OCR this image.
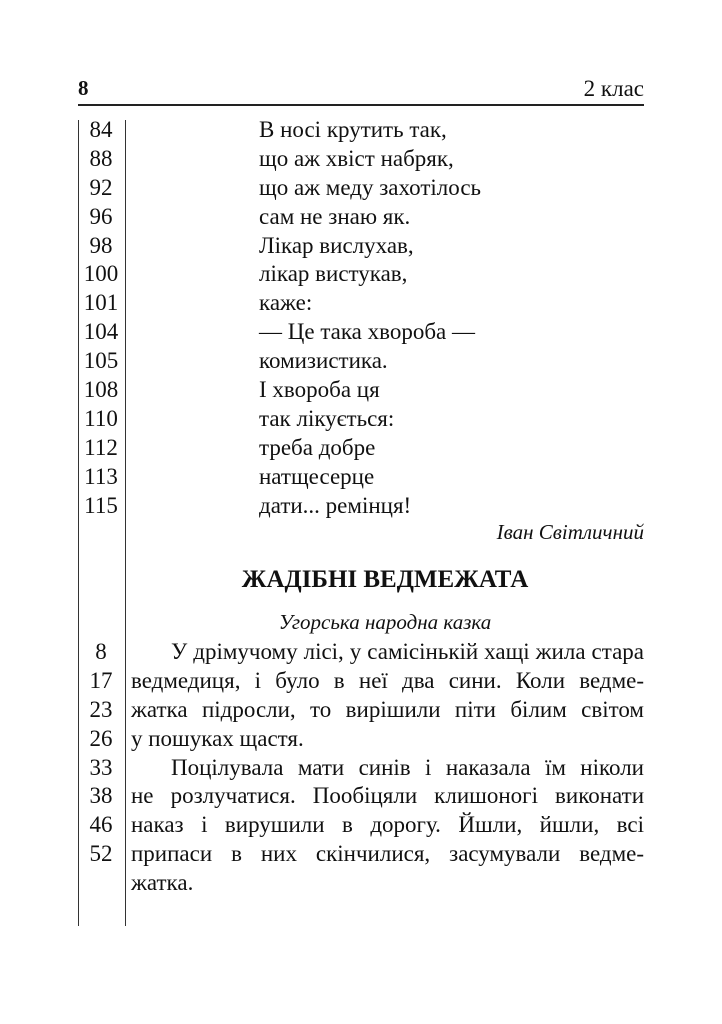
8	2 клас
84
88
92
96
98
100
101
104
105
108
110
112
113
115
В носі крутить так,
що аж хвіст набряк,
що аж меду захотілось
сам не знаю як.
Лікар вислухав,
лікар вистукав,
каже:
— Це така хвороба —
комизистика.
І хвороба ця
так лікується:
треба добре
натщесерце
дати... ремінця!
Іван Світличний
ЖАДІБНІ ВЕДМЕЖАТА
Угорська народна казка
8
17
23
26
33
38
46
52
У дрімучому лісі, у самісінькій хащі жила стара
ведмедиця, і було в неї два сини. Коли ведме-
жатка підросли, то вирішили піти білим світом
у пошуках щастя.
Поцілувала мати синів і наказала їм ніколи
не розлучатися. Пообіцяли клишоногі виконати
наказ і вирушили в дорогу. Йшли, йшли, всі
припаси в них скінчилися, засумували ведме-
жатка.
